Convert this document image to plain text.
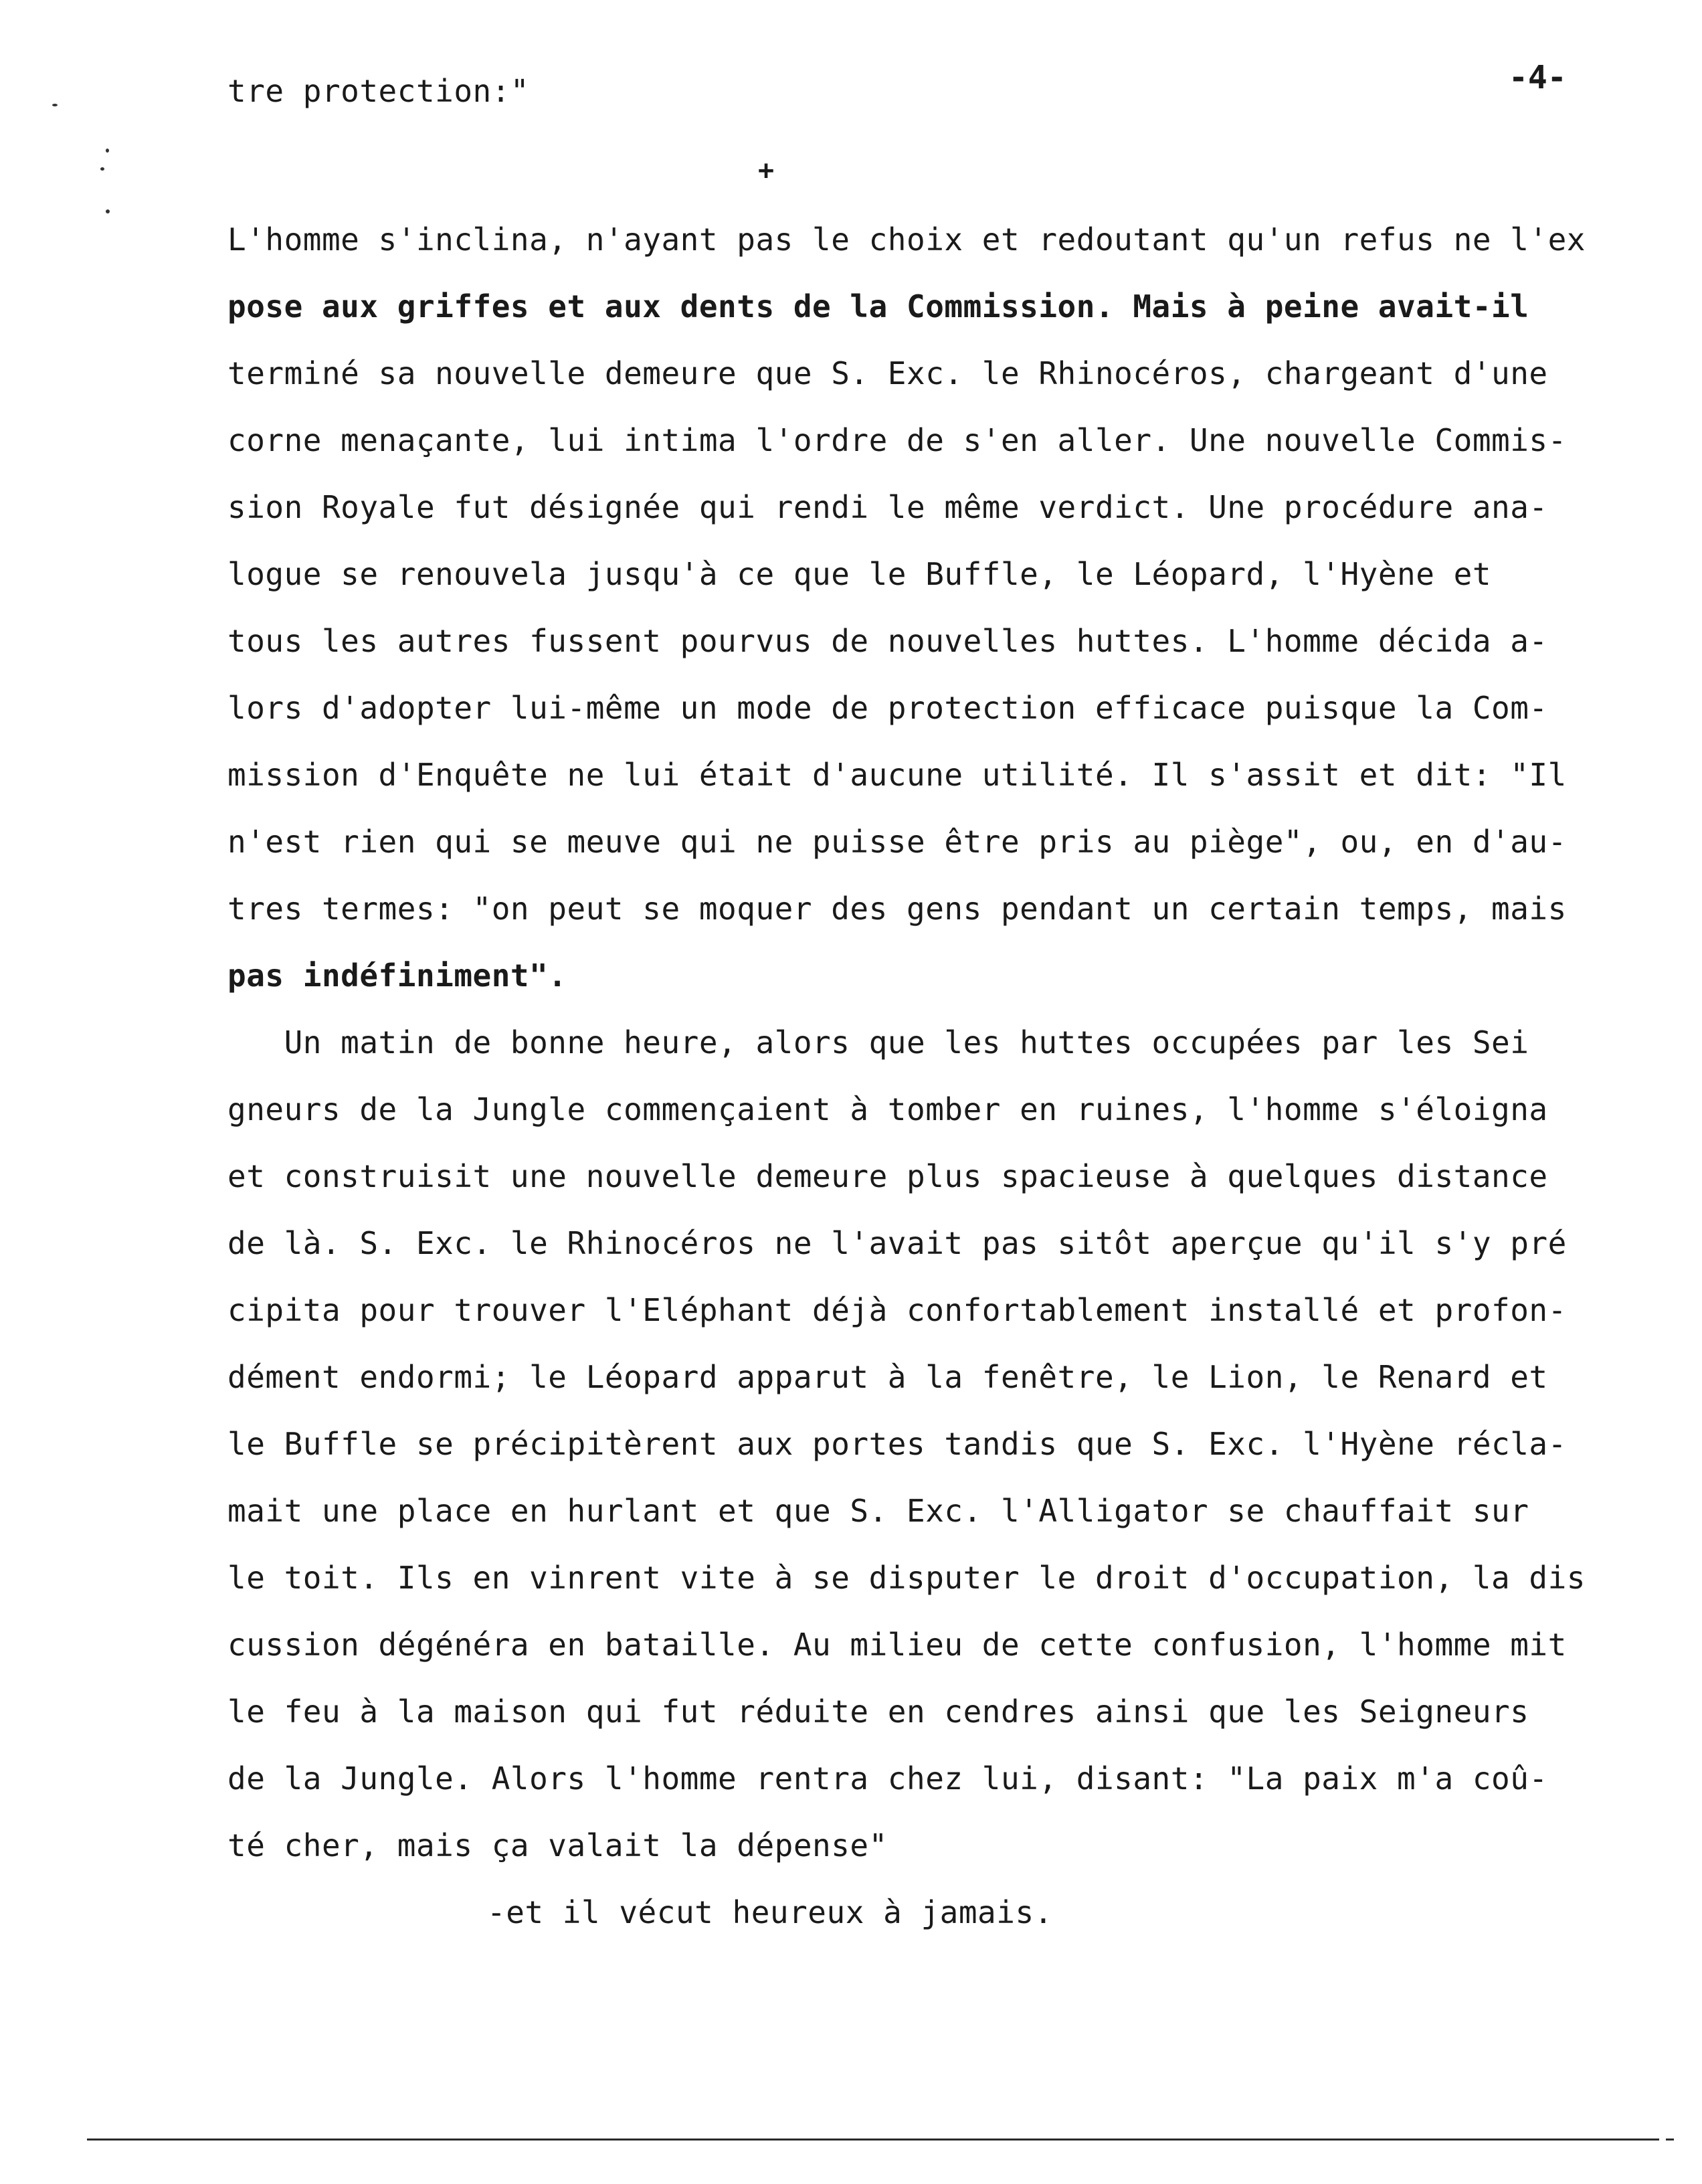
-4-
+
tre protection:"
L'homme s'inclina, n'ayant pas le choix et redoutant qu'un refus ne l'ex
pose aux griffes et aux dents de la Commission. Mais à peine avait-il
terminé sa nouvelle demeure que S. Exc. le Rhinocéros, chargeant d'une
corne menaçante, lui intima l'ordre de s'en aller. Une nouvelle Commis-
sion Royale fut désignée qui rendi le même verdict. Une procédure ana-
logue se renouvela jusqu'à ce que le Buffle, le Léopard, l'Hyène et
tous les autres fussent pourvus de nouvelles huttes. L'homme décida a-
lors d'adopter lui-même un mode de protection efficace puisque la Com-
mission d'Enquête ne lui était d'aucune utilité. Il s'assit et dit: "Il
n'est rien qui se meuve qui ne puisse être pris au piège", ou, en d'au-
tres termes: "on peut se moquer des gens pendant un certain temps, mais
pas indéfiniment".
Un matin de bonne heure, alors que les huttes occupées par les Sei
gneurs de la Jungle commençaient à tomber en ruines, l'homme s'éloigna
et construisit une nouvelle demeure plus spacieuse à quelques distance
de là. S. Exc. le Rhinocéros ne l'avait pas sitôt aperçue qu'il s'y pré
cipita pour trouver l'Eléphant déjà confortablement installé et profon-
dément endormi; le Léopard apparut à la fenêtre, le Lion, le Renard et
le Buffle se précipitèrent aux portes tandis que S. Exc. l'Hyène récla-
mait une place en hurlant et que S. Exc. l'Alligator se chauffait sur
le toit. Ils en vinrent vite à se disputer le droit d'occupation, la dis
cussion dégénéra en bataille. Au milieu de cette confusion, l'homme mit
le feu à la maison qui fut réduite en cendres ainsi que les Seigneurs
de la Jungle. Alors l'homme rentra chez lui, disant: "La paix m'a coû-
té cher, mais ça valait la dépense"
-et il vécut heureux à jamais.
